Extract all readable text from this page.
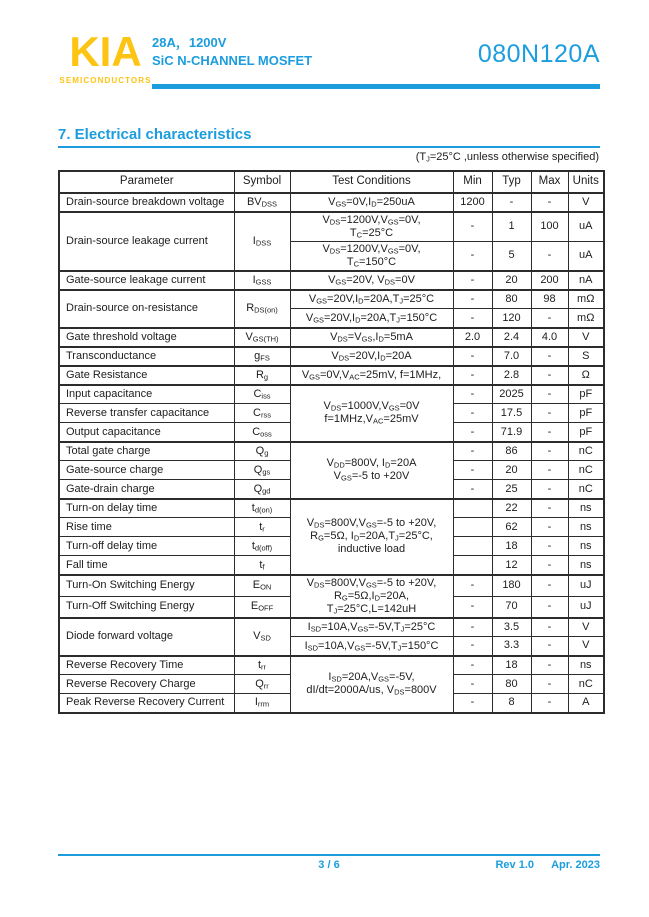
KIA
SEMICONDUCTORS
28A，1200V
SiC N-CHANNEL MOSFET	080N120A
7. Electrical characteristics
($T_J=25^\circ C$ ,unless otherwise specified)
Parameter	Symbol	Test Conditions	Min	Typ	Max	Units
Drain-source breakdown voltage	$BV_{DSS}$	$V_{GS}=0V,I_D=250uA$	1200	-	-	V
Drain-source leakage current	$I_{DSS}$	$V_{DS}=1200V,V_{GS}=0V$,
$T_C=25^\circ C$	-	1	100	uA
		$V_{DS}=1200V,V_{GS}=0V$,
$T_C=150^\circ C$	-	5	-	uA
Gate-source leakage current	$I_{GSS}$	$V_{GS}=20V$, $V_{DS}=0V$	-	20	200	nA
Drain-source on-resistance	$R_{DS(on)}$	$V_{GS}=20V,I_D=20A,T_J=25^\circ C$	-	80	98	mΩ
		$V_{GS}=20V,I_D=20A,T_J=150^\circ C$	-	120	-	mΩ
Gate threshold voltage	$V_{GS(TH)}$	$V_{DS}=V_{GS},I_D=5mA$	2.0	2.4	4.0	V
Transconductance	$g_{FS}$	$V_{DS}=20V,I_D=20A$	-	7.0	-	S
Gate Resistance	$R_g$	$V_{GS}=0V,V_{AC}=25mV$, f=1MHz,	-	2.8	-	Ω
Input capacitance	$C_{iss}$	$V_{DS}=1000V,V_{GS}=0V$
$f=1MHz,V_{AC}=25mV$	-	2025	-	pF
Reverse transfer capacitance	$C_{rss}$		-	17.5	-	pF
Output capacitance	$C_{oss}$		-	71.9	-	pF
Total gate charge	$Q_g$	$V_{DD}=800V$, $I_D=20A$
$V_{GS}=-5$ to +20V	-	86	-	nC
Gate-source charge	$Q_{gs}$		-	20	-	nC
Gate-drain charge	$Q_{gd}$		-	25	-	nC
Turn-on delay time	$t_{d(on)}$	$V_{DS}=800V,V_{GS}=-5$ to +20V,
$R_G=5\Omega$, $I_D=20A,T_J=25^\circ C$,
inductive load		22	-	ns
Rise time	$t_r$			62	-	ns
Turn-off delay time	$t_{d(off)}$			18	-	ns
Fall time	$t_f$			12	-	ns
Turn-On Switching Energy	$E_{ON}$	$V_{DS}=800V,V_{GS}=-5$ to +20V,
$R_G=5\Omega,I_D=20A$,
$T_J=25^\circ C,L=142uH$	-	180	-	uJ
Turn-Off Switching Energy	$E_{OFF}$		-	70	-	uJ
Diode forward voltage	$V_{SD}$	$I_{SD}=10A,V_{GS}=-5V,T_J=25^\circ C$	-	3.5	-	V
		$I_{SD}=10A,V_{GS}=-5V,T_J=150^\circ C$	-	3.3	-	V
Reverse Recovery Time	$t_{rr}$	$I_{SD}=20A,V_{GS}=-5V$,
dI/dt=2000A/us, $V_{DS}=800V$	-	18	-	ns
Reverse Recovery Charge	$Q_{rr}$		-	80	-	nC
Peak Reverse Recovery Current	$I_{rrm}$		-	8	-	A
3 / 6	Rev 1.0 Apr. 2023
